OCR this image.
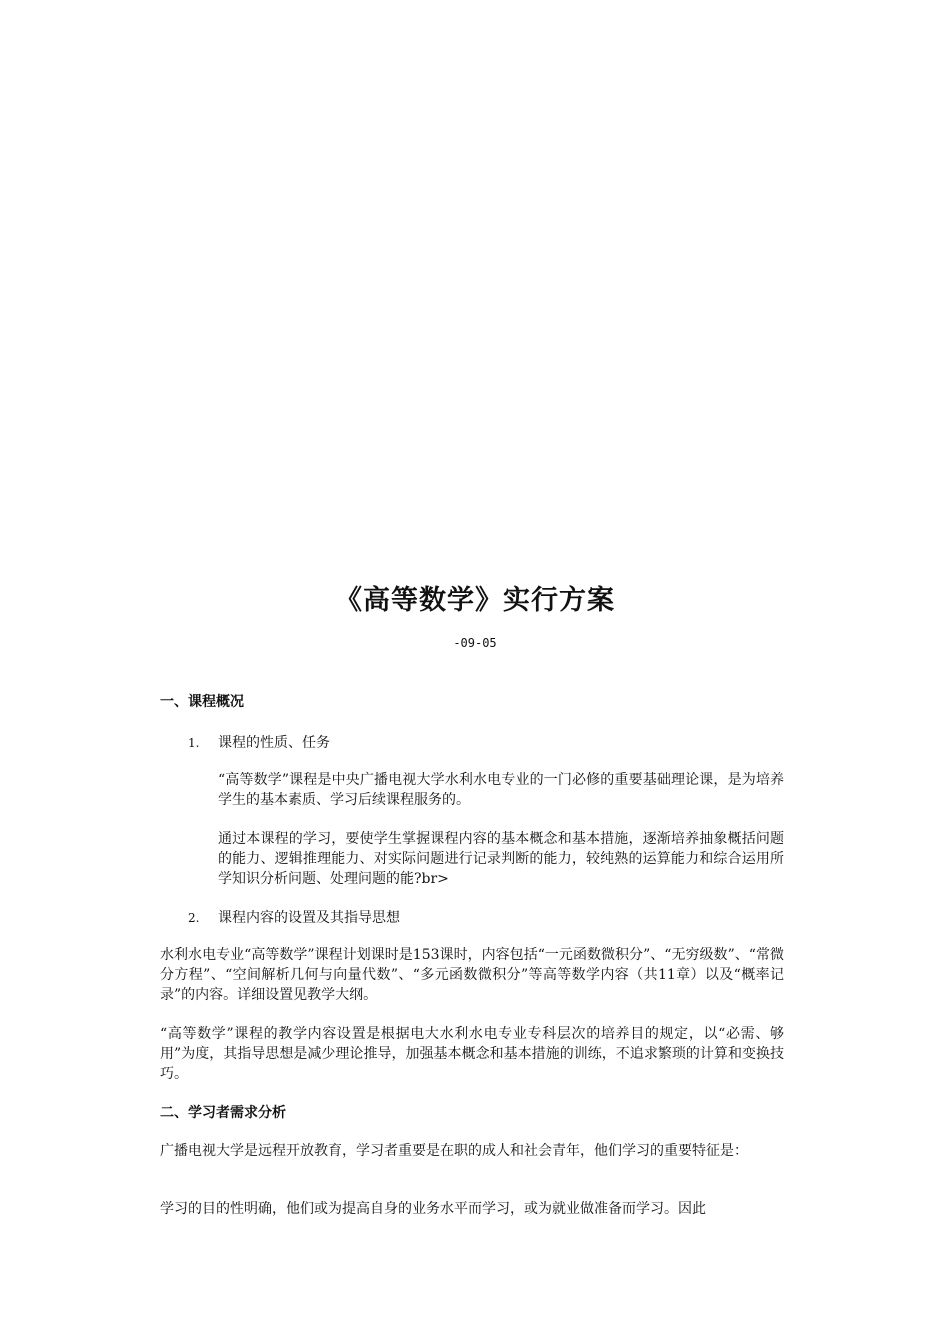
《高等数学》实行方案
-09-05
一、课程概况
1.	课程的性质、任务

“高等数学”课程是中央广播电视大学水利水电专业的一门必修的重要基础理论课，是为培养学生的基本素质、学习后续课程服务的。

通过本课程的学习，要使学生掌握课程内容的基本概念和基本措施，逐渐培养抽象概括问题的能力、逻辑推理能力、对实际问题进行记录判断的能力，较纯熟的运算能力和综合运用所学知识分析问题、处理问题的能?br>

2.	课程内容的设置及其指导思想

水利水电专业“高等数学”课程计划课时是153课时，内容包括“一元函数微积分”、“无穷级数”、“常微分方程”、“空间解析几何与向量代数”、“多元函数微积分”等高等数学内容（共11章）以及“概率记录”的内容。详细设置见教学大纲。

“高等数学”课程的教学内容设置是根据电大水利水电专业专科层次的培养目的规定，以“必需、够用”为度，其指导思想是减少理论推导，加强基本概念和基本措施的训练，不追求繁琐的计算和变换技巧。

二、学习者需求分析

广播电视大学是远程开放教育，学习者重要是在职的成人和社会青年，他们学习的重要特征是：

学习的目的性明确，他们或为提高自身的业务水平而学习，或为就业做准备而学习。因此
